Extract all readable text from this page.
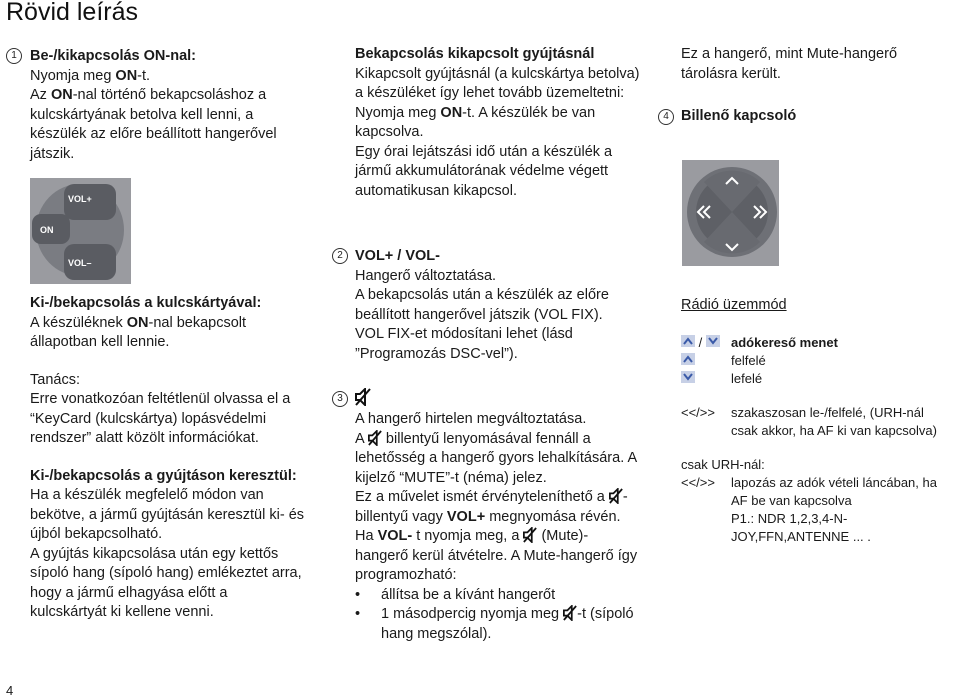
Rövid leírás
1 Be-/kikapcsolás ON-nal:

Nyomja meg ON-t.

Az ON-nal történő bekapcsoláshoz a kulcskártyának betolva kell lenni, a készülék az előre beállított hangerővel játszik.

VOL+
ON
VOL–

Ki-/bekapcsolás a kulcskártyával:

A készüléknek ON-nal bekapcsolt állapotban kell lennie.

Tanács:

Erre vonatkozóan feltétlenül olvassa el a “KeyCard (kulcskártya) lopásvédelmi rendszer” alatt közölt információkat.

Ki-/bekapcsolás a gyújtáson keresztül:

Ha a készülék megfelelő módon van bekötve, a jármű gyújtásán keresztül ki- és újból bekapcsolható.

A gyújtás kikapcsolása után egy kettős sípoló hang (sípoló hang) emlékeztet arra, hogy a jármű elhagyása előtt a kulcskártyát ki kellene venni.

Bekapcsolás kikapcsolt gyújtásnál

Kikapcsolt gyújtásnál (a kulcskártya betolva) a készüléket így lehet tovább üzemeltetni:

Nyomja meg ON-t. A készülék be van kapcsolva.

Egy órai lejátszási idő után a készülék a jármű akkumulátorának védelme végett automatikusan kikapcsol.

2 VOL+ / VOL-

Hangerő változtatása.

A bekapcsolás után a készülék az előre beállított hangerővel játszik (VOL FIX).

VOL FIX-et módosítani lehet (lásd ”Programozás DSC-vel”).

3

A hangerő hirtelen megváltoztatása.

A  billentyű lenyomásával fennáll a lehetősség a hangerő gyors lehalkítására. A kijelző “MUTE”-t (néma) jelez.

Ez a művelet ismét érvényteleníthető a -billentyű vagy VOL+ megnyomása révén.

Ha VOL- t nyomja meg, a  (Mute)-hangerő kerül átvételre. A Mute-hangerő így programozható:

• állítsa be a kívánt hangerőt
• 1 másodpercig nyomja meg -t (sípoló hang megszólal).
Ez a hangerő, mint Mute-hangerő tárolásra került.
4 Billenő kapcsoló
Rádió üzemmód
/	adókereső menet
felfelé
lefelé
<</>>	szakaszosan le-/felfelé, (URH-nál csak akkor, ha AF ki van kapcsolva)
csak URH-nál:
<</>>	lapozás az adók vételi láncában, ha AF be van kapcsolva
P1.: NDR 1,2,3,4-N-JOY,FFN,ANTENNE ... .
4
